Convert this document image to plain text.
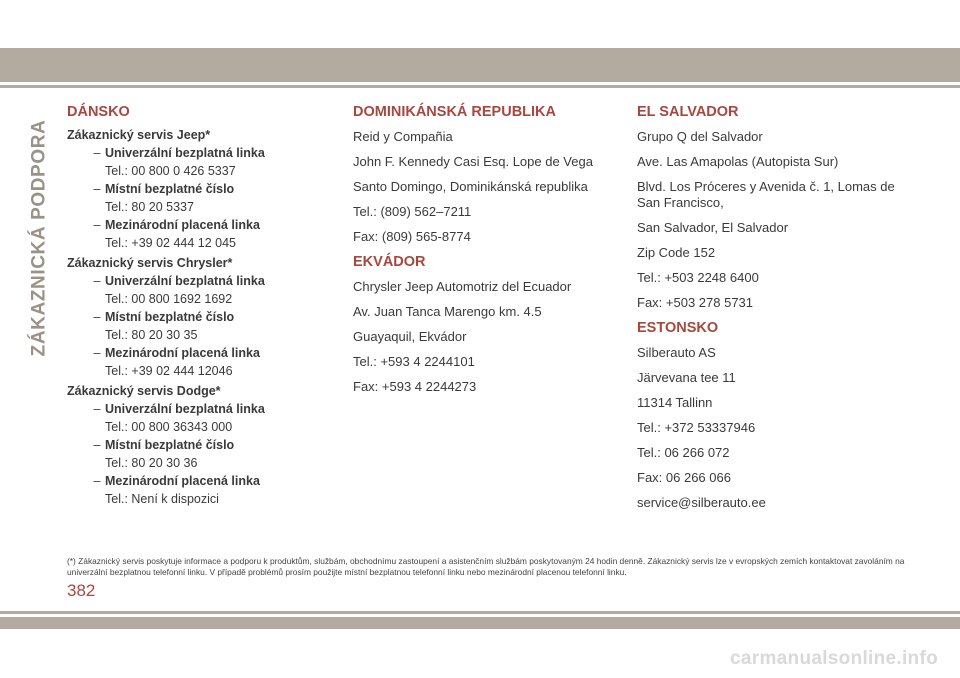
ZÁKAZNICKÁ PODPORA
DÁNSKO
Zákaznický servis Jeep*
– Univerzální bezplatná linka
Tel.: 00 800 0 426 5337
– Místní bezplatné číslo
Tel.: 80 20 5337
– Mezinárodní placená linka
Tel.: +39 02 444 12 045
Zákaznický servis Chrysler*
– Univerzální bezplatná linka
Tel.: 00 800 1692 1692
– Místní bezplatné číslo
Tel.: 80 20 30 35
– Mezinárodní placená linka
Tel.: +39 02 444 12046
Zákaznický servis Dodge*
– Univerzální bezplatná linka
Tel.: 00 800 36343 000
– Místní bezplatné číslo
Tel.: 80 20 30 36
– Mezinárodní placená linka
Tel.: Není k dispozici
DOMINIKÁNSKÁ REPUBLIKA
Reid y Compañia
John F. Kennedy Casi Esq. Lope de Vega
Santo Domingo, Dominikánská republika
Tel.: (809) 562–7211
Fax: (809) 565-8774
EKVÁDOR
Chrysler Jeep Automotriz del Ecuador
Av. Juan Tanca Marengo km. 4.5
Guayaquil, Ekvádor
Tel.: +593 4 2244101
Fax: +593 4 2244273
EL SALVADOR
Grupo Q del Salvador
Ave. Las Amapolas (Autopista Sur)
Blvd. Los Próceres y Avenida č. 1, Lomas de San Francisco,
San Salvador, El Salvador
Zip Code 152
Tel.: +503 2248 6400
Fax: +503 278 5731
ESTONSKO
Silberauto AS
Järvevana tee 11
11314 Tallinn
Tel.: +372 53337946
Tel.: 06 266 072
Fax: 06 266 066
service@silberauto.ee
(*) Zákaznický servis poskytuje informace a podporu k produktům, službám, obchodnímu zastoupení a asistenčním službám poskytovaným 24 hodin denně. Zákaznický servis lze v evropských zemích kontaktovat zavoláním na univerzální bezplatnou telefonní linku. V případě problémů prosím použijte místní bezplatnou telefonní linku nebo mezinárodní placenou telefonní linku.
382
carmanualsonline.info
